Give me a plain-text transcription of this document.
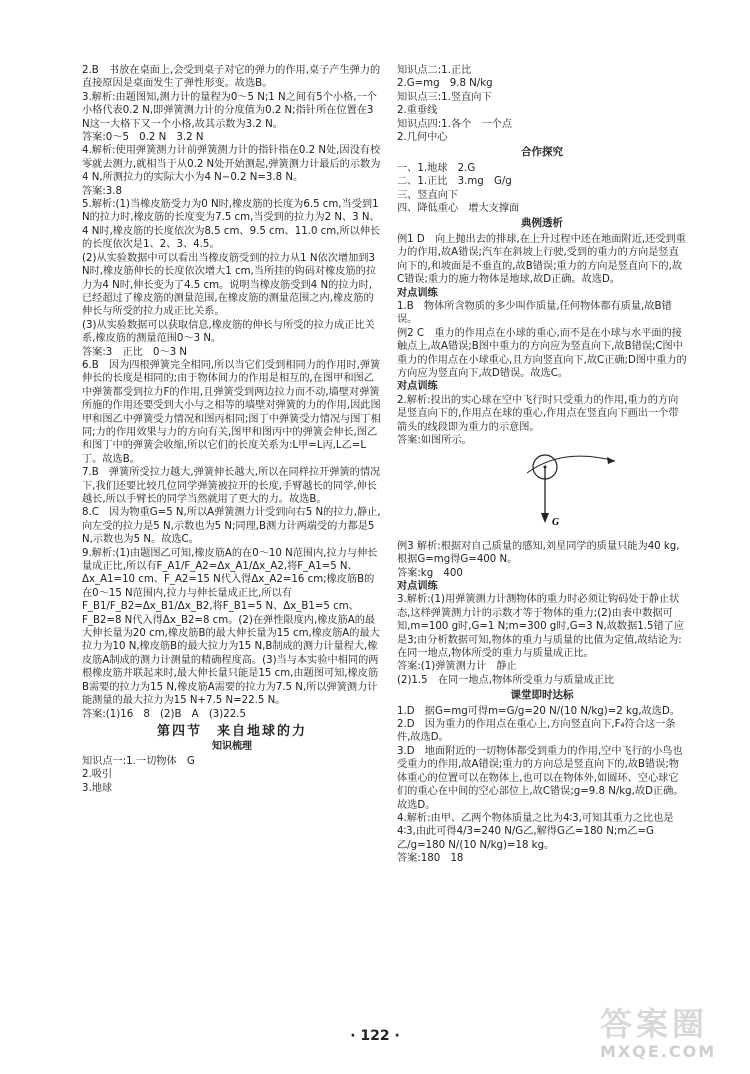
2.B　书放在桌面上,会受到桌子对它的弹力的作用,桌子产生弹力的直接原因是桌面发生了弹性形变。故选B。
3.解析:由题图知,测力计的量程为0～5 N;1 N之间有5个小格,一个小格代表0.2 N,即弹簧测力计的分度值为0.2 N;指针所在位置在3 N这一大格下又一个小格,故其示数为3.2 N。
答案:0～5　0.2 N　3.2 N
4.解析:使用弹簧测力计前弹簧测力计的指针指在0.2 N处,因没有校零就去测力,就相当于从0.2 N处开始测起,弹簧测力计最后的示数为4 N,所测拉力的实际大小为4 N−0.2 N=3.8 N。
答案:3.8
5.解析:(1)当橡皮筋受力为0 N时,橡皮筋的长度为6.5 cm,当受到1 N的拉力时,橡皮筋的长度变为7.5 cm,当受到的拉力为2 N、3 N、4 N时,橡皮筋的长度依次为8.5 cm、9.5 cm、11.0 cm,所以伸长的长度依次是1、2、3、4.5。
(2)从实验数据中可以看出当橡皮筋受到的拉力从1 N依次增加到3 N时,橡皮筋伸长的长度依次增大1 cm,当所挂的钩码对橡皮筋的拉力为4 N时,伸长变为了4.5 cm。说明当橡皮筋受到4 N的拉力时,已经超过了橡皮筋的测量范围,在橡皮筋的测量范围之内,橡皮筋的伸长与所受的拉力成正比关系。
(3)从实验数据可以获取信息,橡皮筋的伸长与所受的拉力成正比关系,橡皮筋的测量范围0～3 N。
答案:3　正比　0～3 N
6.B　因为四根弹簧完全相同,所以当它们受到相同力的作用时,弹簧伸长的长度是相同的;由于物体间力的作用是相互的,在图甲和图乙中弹簧都受到拉力F的作用,且弹簧受到两边拉力而不动,墙壁对弹簧所施的作用还要受到大小与之相等的墙壁对弹簧的力的作用,因此图甲和图乙中弹簧受力情况和图丙相同;图丁中弹簧受力情况与图丁相同;力的作用效果与力的方向有关,图甲和图丙中的弹簧会伸长,图乙和图丁中的弹簧会收缩,所以它们的长度关系为:L甲=L丙,L乙=L丁。故选B。
7.B　弹簧所受拉力越大,弹簧伸长越大,所以在同样拉开弹簧的情况下,我们还要比较几位同学弹簧被拉开的长度,手臂越长的同学,伸长越长,所以手臂长的同学当然就用了更大的力。故选B。
8.C　因为物重G=5 N,所以A弹簧测力计受到向右5 N的拉力,静止,向左受的拉力是5 N,示数也为5 N;同理,B测力计两端受的力都是5 N,示数也为5 N。故选C。
9.解析:(1)由题图乙可知,橡皮筋A的在0～10 N范围内,拉力与伸长量成正比,所以有F_A1/F_A2=Δx_A1/Δx_A2,将F_A1=5 N、Δx_A1=10 cm、F_A2=15 N代入得Δx_A2=16 cm;橡皮筋B的在0～15 N范围内,拉力与伸长量成正比,所以有F_B1/F_B2=Δx_B1/Δx_B2,将F_B1=5 N、Δx_B1=5 cm、F_B2=8 N代入得Δx_B2=8 cm。(2)在弹性限度内,橡皮筋A的最大伸长量为20 cm,橡皮筋B的最大伸长量为15 cm,橡皮筋A的最大拉力为10 N,橡皮筋B的最大拉力为15 N,B制成的测力计量程大,橡皮筋A制成的测力计测量的精确程度高。(3)当与本实验中相同的两根橡皮筋并联起来时,最大伸长量只能是15 cm,由题图可知,橡皮筋B需要的拉力为15 N,橡皮筋A需要的拉力为7.5 N,所以弹簧测力计能测量的最大拉力为15 N+7.5 N=22.5 N。
答案:(1)16　8　(2)B　A　(3)22.5
第四节　来自地球的力
知识梳理
知识点一:1.一切物体　G
2.吸引
3.地球
知识点二:1.正比
2.G=mg　9.8 N/kg
知识点三:1.竖直向下
2.重垂线
知识点四:1.各个　一个点
2.几何中心
合作探究
一、1.地球　2.G
二、1.正比　3.mg　G/g
三、竖直向下
四、降低重心　增大支撑面
典例透析
例1 D　向上抛出去的排球,在上升过程中还在地面附近,还受到重力的作用,故A错误;汽车在斜坡上行驶,受到的重力的方向是竖直向下的,和坡面是不垂直的,故B错误;重力的方向是竖直向下的,故C错误;重力的施力物体是地球,故D正确。故选D。
对点训练
1.B　物体所含物质的多少叫作质量,任何物体都有质量,故B错误。
例2 C　重力的作用点在小球的重心,而不是在小球与水平面的接触点上,故A错误;B图中重力的方向应为竖直向下,故B错误;C图中重力的作用点在小球重心,且方向竖直向下,故C正确;D图中重力的方向应为竖直向下,故D错误。故选C。
对点训练
2.解析:投出的实心球在空中飞行时只受重力的作用,重力的方向是竖直向下的,作用点在球的重心,作用点在竖直向下画出一个带箭头的线段即为重力的示意图。
答案:如图所示。
G
例3 解析:根据对自己质量的感知,刘星同学的质量只能为40 kg,根据G=mg得G=400 N。
答案:kg　400
对点训练
3.解析:(1)用弹簧测力计测物体的重力时必须让钩码处于静止状态,这样弹簧测力计的示数才等于物体的重力;(2)由表中数据可知,m=100 g时,G=1 N;m=300 g时,G=3 N,故数据1.5错了应是3;由分析数据可知,物体的重力与质量的比值为定值,故结论为:在同一地点,物体所受的重力与质量成正比。
答案:(1)弹簧测力计　静止
(2)1.5　在同一地点,物体所受重力与质量成正比
课堂即时达标
1.D　据G=mg可得m=G/g=20 N/(10 N/kg)=2 kg,故选D。
2.D　因为重力的作用点在重心上,方向竖直向下,F₄符合这一条件,故选D。
3.D　地面附近的一切物体都受到重力的作用,空中飞行的小鸟也受重力的作用,故A错误;重力的方向总是竖直向下的,故B错误;物体重心的位置可以在物体上,也可以在物体外,如圆环、空心球它们的重心在中间的空心部位上,故C错误;g=9.8 N/kg,故D正确。故选D。
4.解析:由甲、乙两个物体质量之比为4∶3,可知其重力之比也是4∶3,由此可得4/3=240 N/G乙,解得G乙=180 N;m乙=G乙/g=180 N/(10 N/kg)=18 kg。
答案:180　18
· 122 ·	答案圈
MXQE.COM
